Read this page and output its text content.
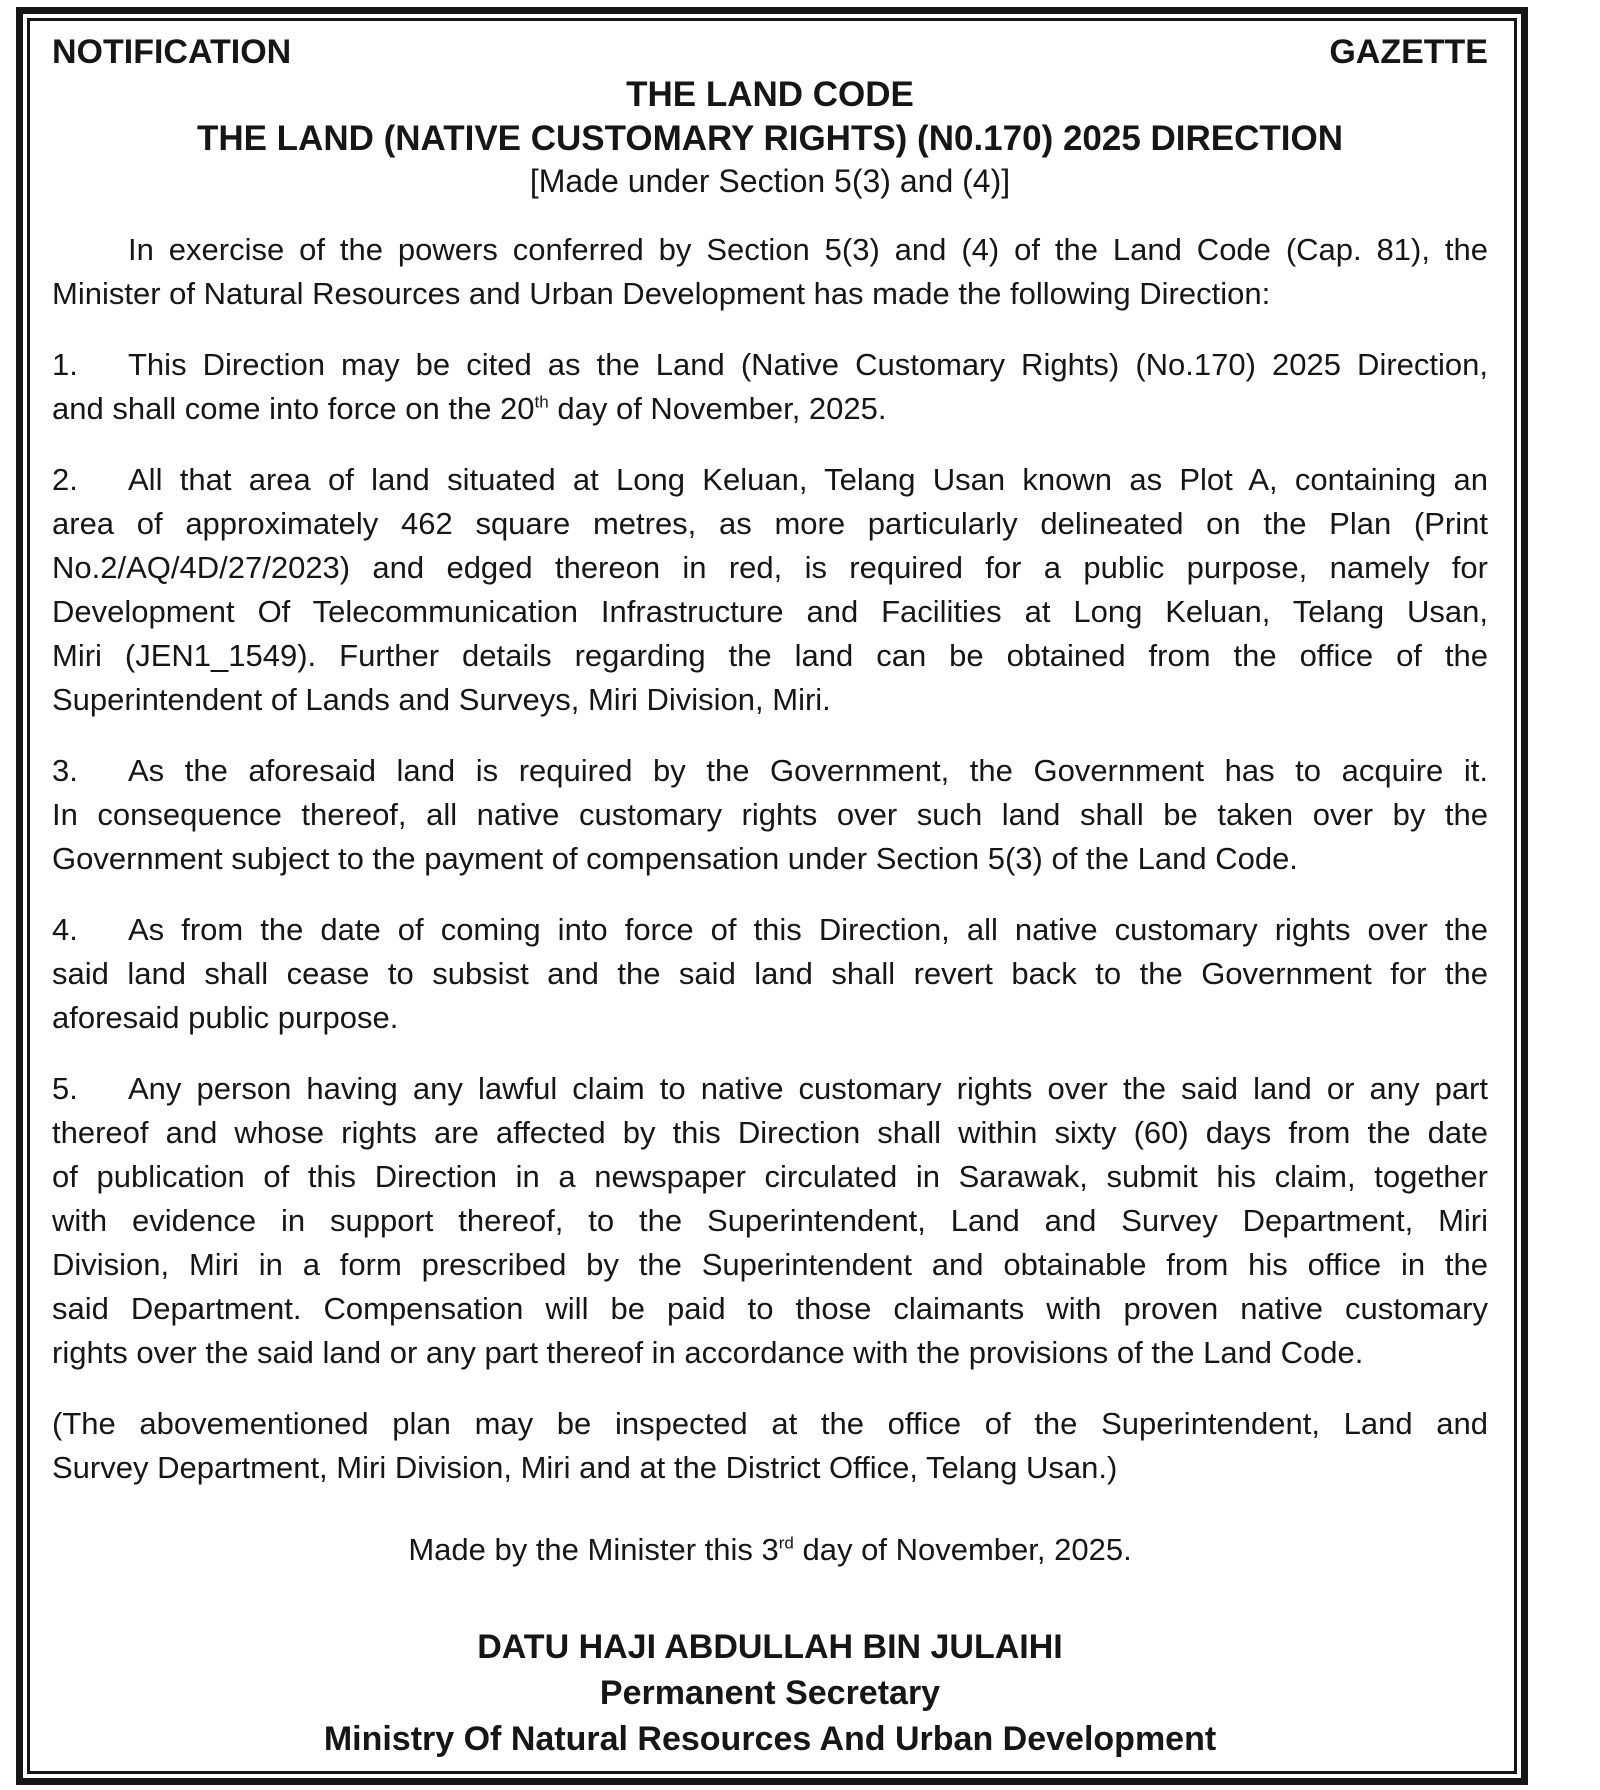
NOTIFICATION	GAZETTE
THE LAND CODE
THE LAND (NATIVE CUSTOMARY RIGHTS) (N0.170) 2025 DIRECTION
[Made under Section 5(3) and (4)]
In exercise of the powers conferred by Section 5(3) and (4) of the Land Code (Cap. 81), the
Minister of Natural Resources and Urban Development has made the following Direction:
1. This Direction may be cited as the Land (Native Customary Rights) (No.170) 2025 Direction,
and shall come into force on the 20th day of November, 2025.
2. All that area of land situated at Long Keluan, Telang Usan known as Plot A, containing an
area of approximately 462 square metres, as more particularly delineated on the Plan (Print
No.2/AQ/4D/27/2023) and edged thereon in red, is required for a public purpose, namely for
Development Of Telecommunication Infrastructure and Facilities at Long Keluan, Telang Usan,
Miri (JEN1_1549). Further details regarding the land can be obtained from the office of the
Superintendent of Lands and Surveys, Miri Division, Miri.
3. As the aforesaid land is required by the Government, the Government has to acquire it.
In consequence thereof, all native customary rights over such land shall be taken over by the
Government subject to the payment of compensation under Section 5(3) of the Land Code.
4. As from the date of coming into force of this Direction, all native customary rights over the
said land shall cease to subsist and the said land shall revert back to the Government for the
aforesaid public purpose.
5. Any person having any lawful claim to native customary rights over the said land or any part
thereof and whose rights are affected by this Direction shall within sixty (60) days from the date
of publication of this Direction in a newspaper circulated in Sarawak, submit his claim, together
with evidence in support thereof, to the Superintendent, Land and Survey Department, Miri
Division, Miri in a form prescribed by the Superintendent and obtainable from his office in the
said Department. Compensation will be paid to those claimants with proven native customary
rights over the said land or any part thereof in accordance with the provisions of the Land Code.
(The abovementioned plan may be inspected at the office of the Superintendent, Land and
Survey Department, Miri Division, Miri and at the District Office, Telang Usan.)
Made by the Minister this 3rd day of November, 2025.
DATU HAJI ABDULLAH BIN JULAIHI
Permanent Secretary
Ministry Of Natural Resources And Urban Development
